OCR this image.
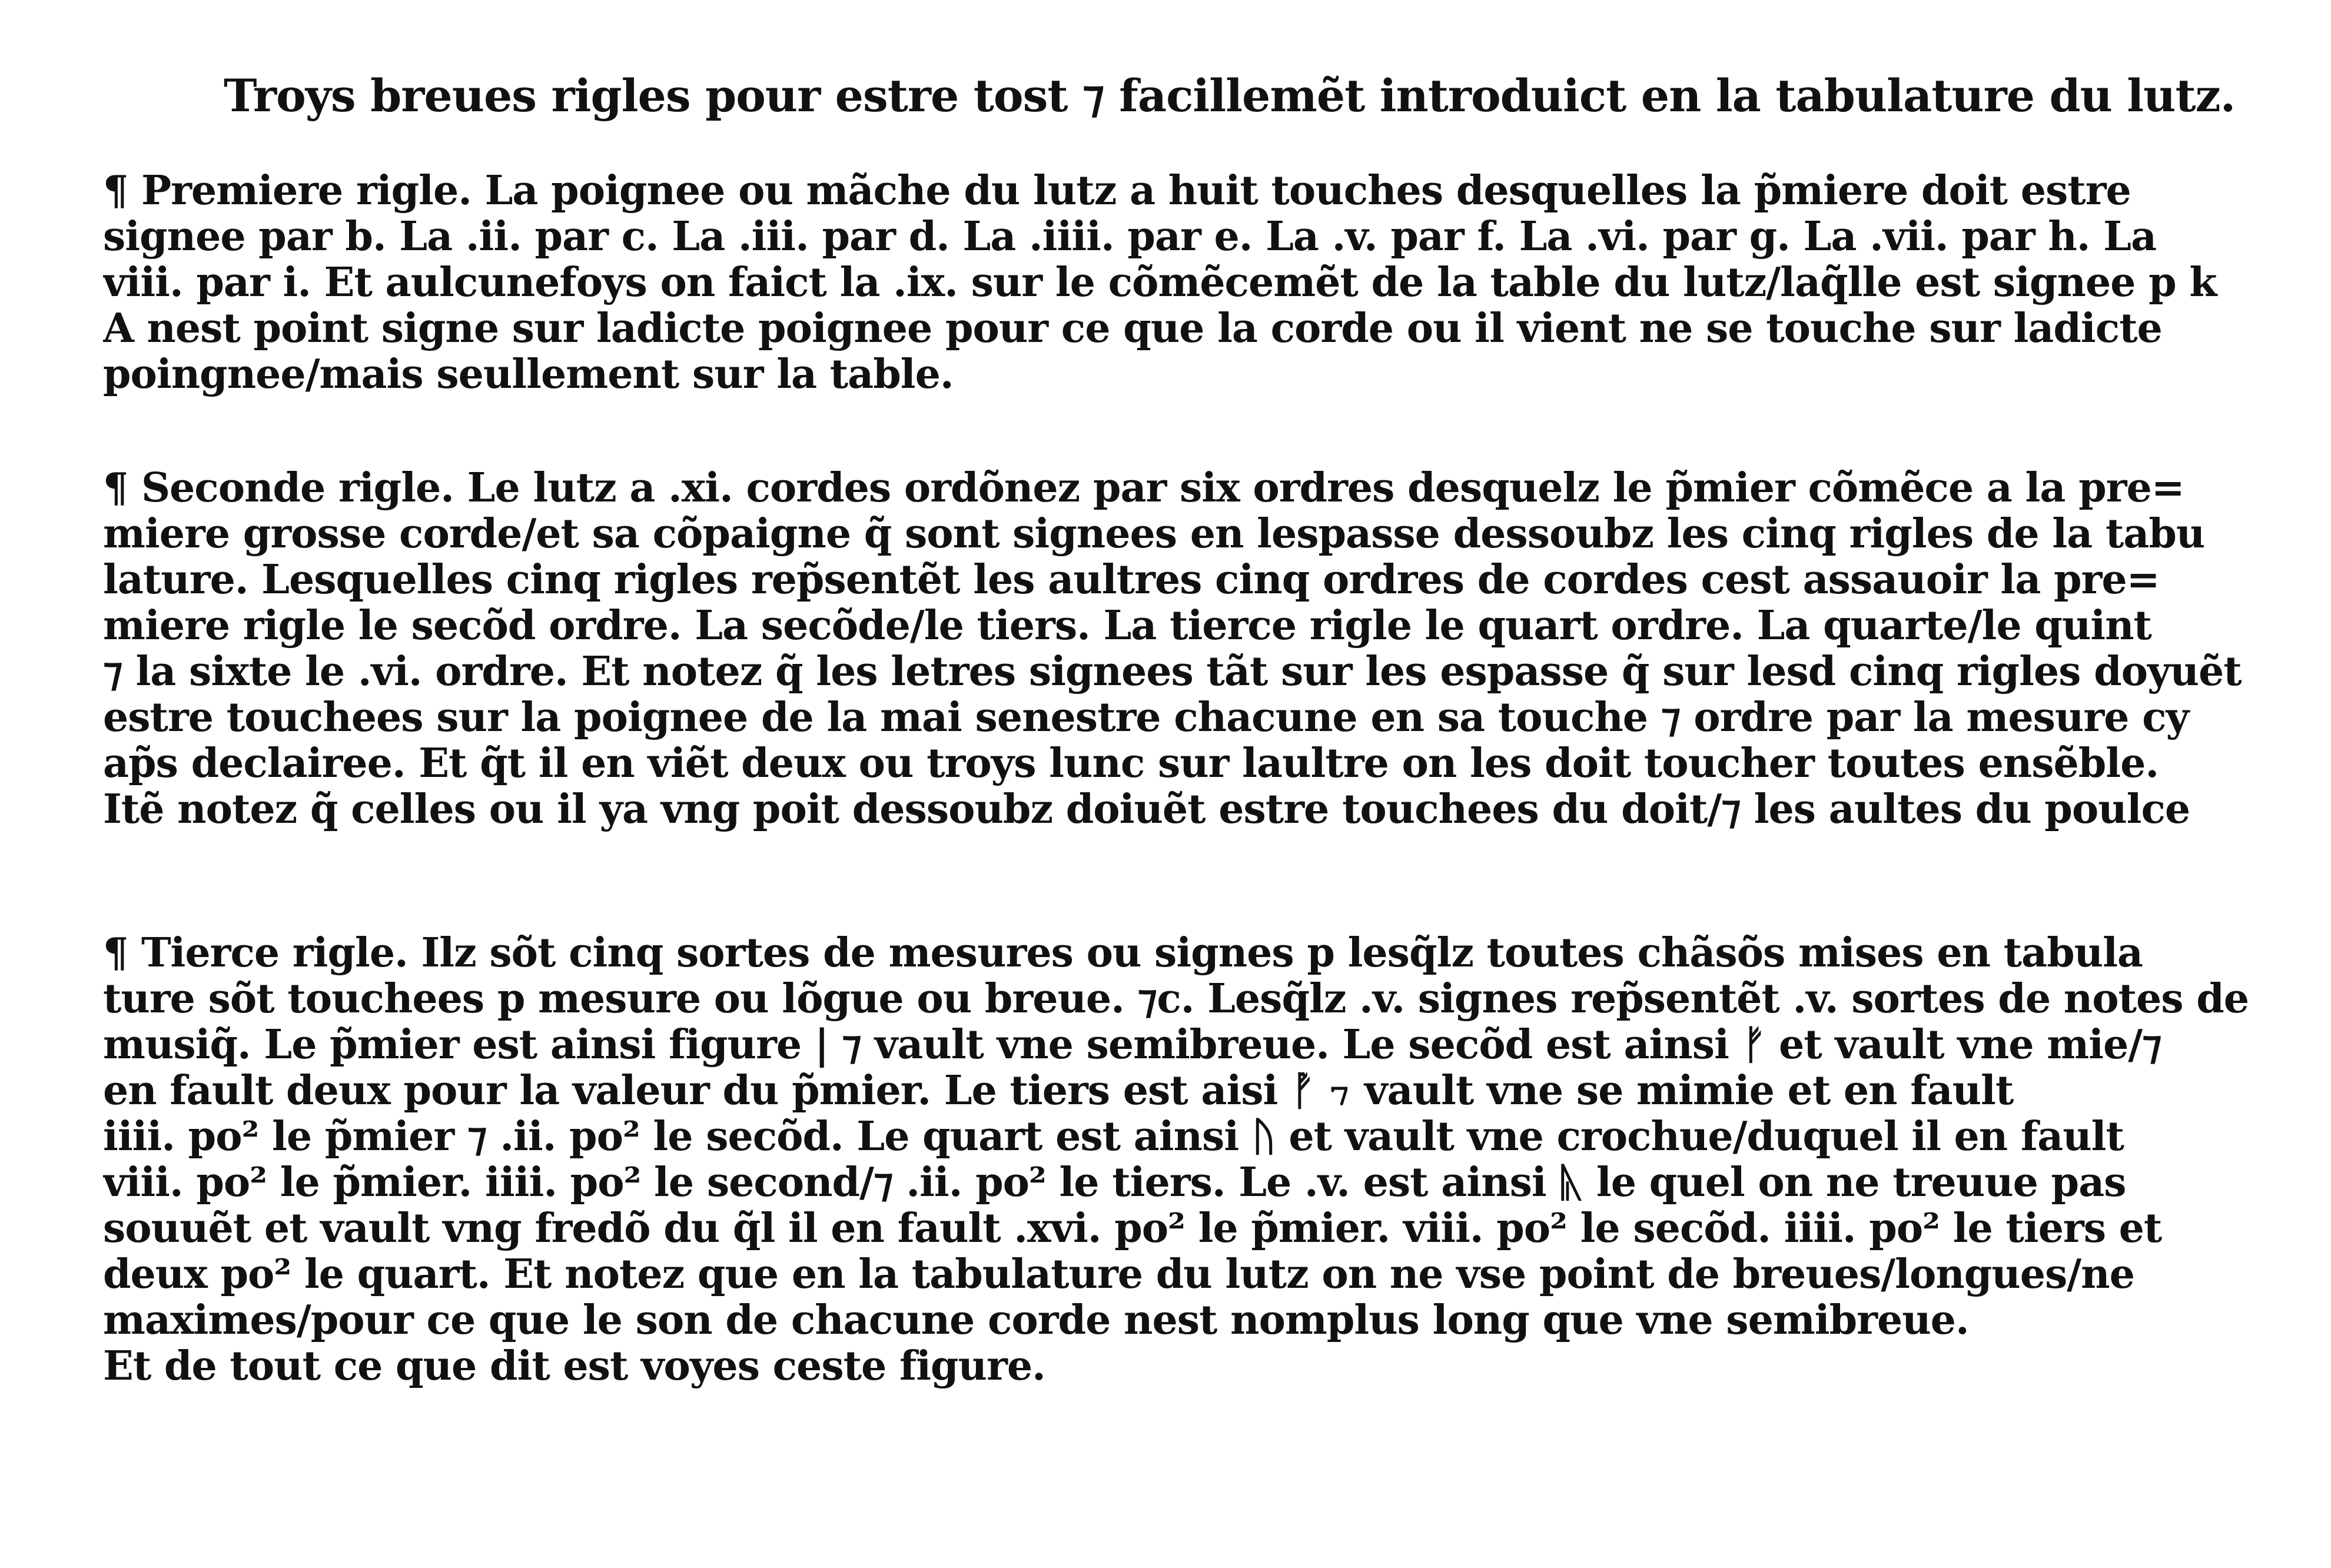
Troys breues rigles pour estre tost ⁊ facillemẽt introduict en la tabulature du lutz.
¶ Premiere rigle. La poignee ou mãche du lutz a huit touches desquelles la p̃miere doit estre
signee par b. La .ii. par c. La .iii. par d. La .iiii. par e. La .v. par f. La .vi. par g. La .vii. par h. La
viii. par i. Et aulcunefoys on faict la .ix. sur le cõmẽcemẽt de la table du lutz/laq̃lle est signee p k
A nest point signe sur ladicte poignee pour ce que la corde ou il vient ne se touche sur ladicte
poingnee/mais seullement sur la table.
¶ Seconde rigle. Le lutz a .xi. cordes ordõnez par six ordres desquelz le p̃mier cõmẽce a la pre=
miere grosse corde/et sa cõpaigne q̃ sont signees en lespasse dessoubz les cinq rigles de la tabu
lature. Lesquelles cinq rigles rep̃sentẽt les aultres cinq ordres de cordes cest assauoir la pre=
miere rigle le secõd ordre. La secõde/le tiers. La tierce rigle le quart ordre. La quarte/le quint
⁊ la sixte le .vi. ordre. Et notez q̃ les letres signees tãt sur les espasse q̃ sur lesd cinq rigles doyuẽt
estre touchees sur la poignee de la mai senestre chacune en sa touche ⁊ ordre par la mesure cy
ap̃s declairee. Et q̃t il en viẽt deux ou troys lunc sur laultre on les doit toucher toutes ensẽble.
Itẽ notez q̃ celles ou il ya vng poit dessoubz doiuẽt estre touchees du doit/⁊ les aultes du poulce
¶ Tierce rigle. Ilz sõt cinq sortes de mesures ou signes p lesq̃lz toutes chãsõs mises en tabula
ture sõt touchees p mesure ou lõgue ou breue. ⁊c. Lesq̃lz .v. signes rep̃sentẽt .v. sortes de notes de
musiq̃. Le p̃mier est ainsi figure | ⁊ vault vne semibreue. Le secõd est ainsi ᚠ et vault vne mie/⁊
en fault deux pour la valeur du p̃mier. Le tiers est aisi ᚡ ⁊ vault vne se mimie et en fault
iiii. po² le p̃mier ⁊ .ii. po² le secõd. Le quart est ainsi ᚢ et vault vne crochue/duquel il en fault
viii. po² le p̃mier. iiii. po² le second/⁊ .ii. po² le tiers. Le .v. est ainsi ᚣ le quel on ne treuue pas
souuẽt et vault vng fredõ du q̃l il en fault .xvi. po² le p̃mier. viii. po² le secõd. iiii. po² le tiers et
deux po² le quart. Et notez que en la tabulature du lutz on ne vse point de breues/longues/ne
maximes/pour ce que le son de chacune corde nest nomplus long que vne semibreue.
Et de tout ce que dit est voyes ceste figure.
